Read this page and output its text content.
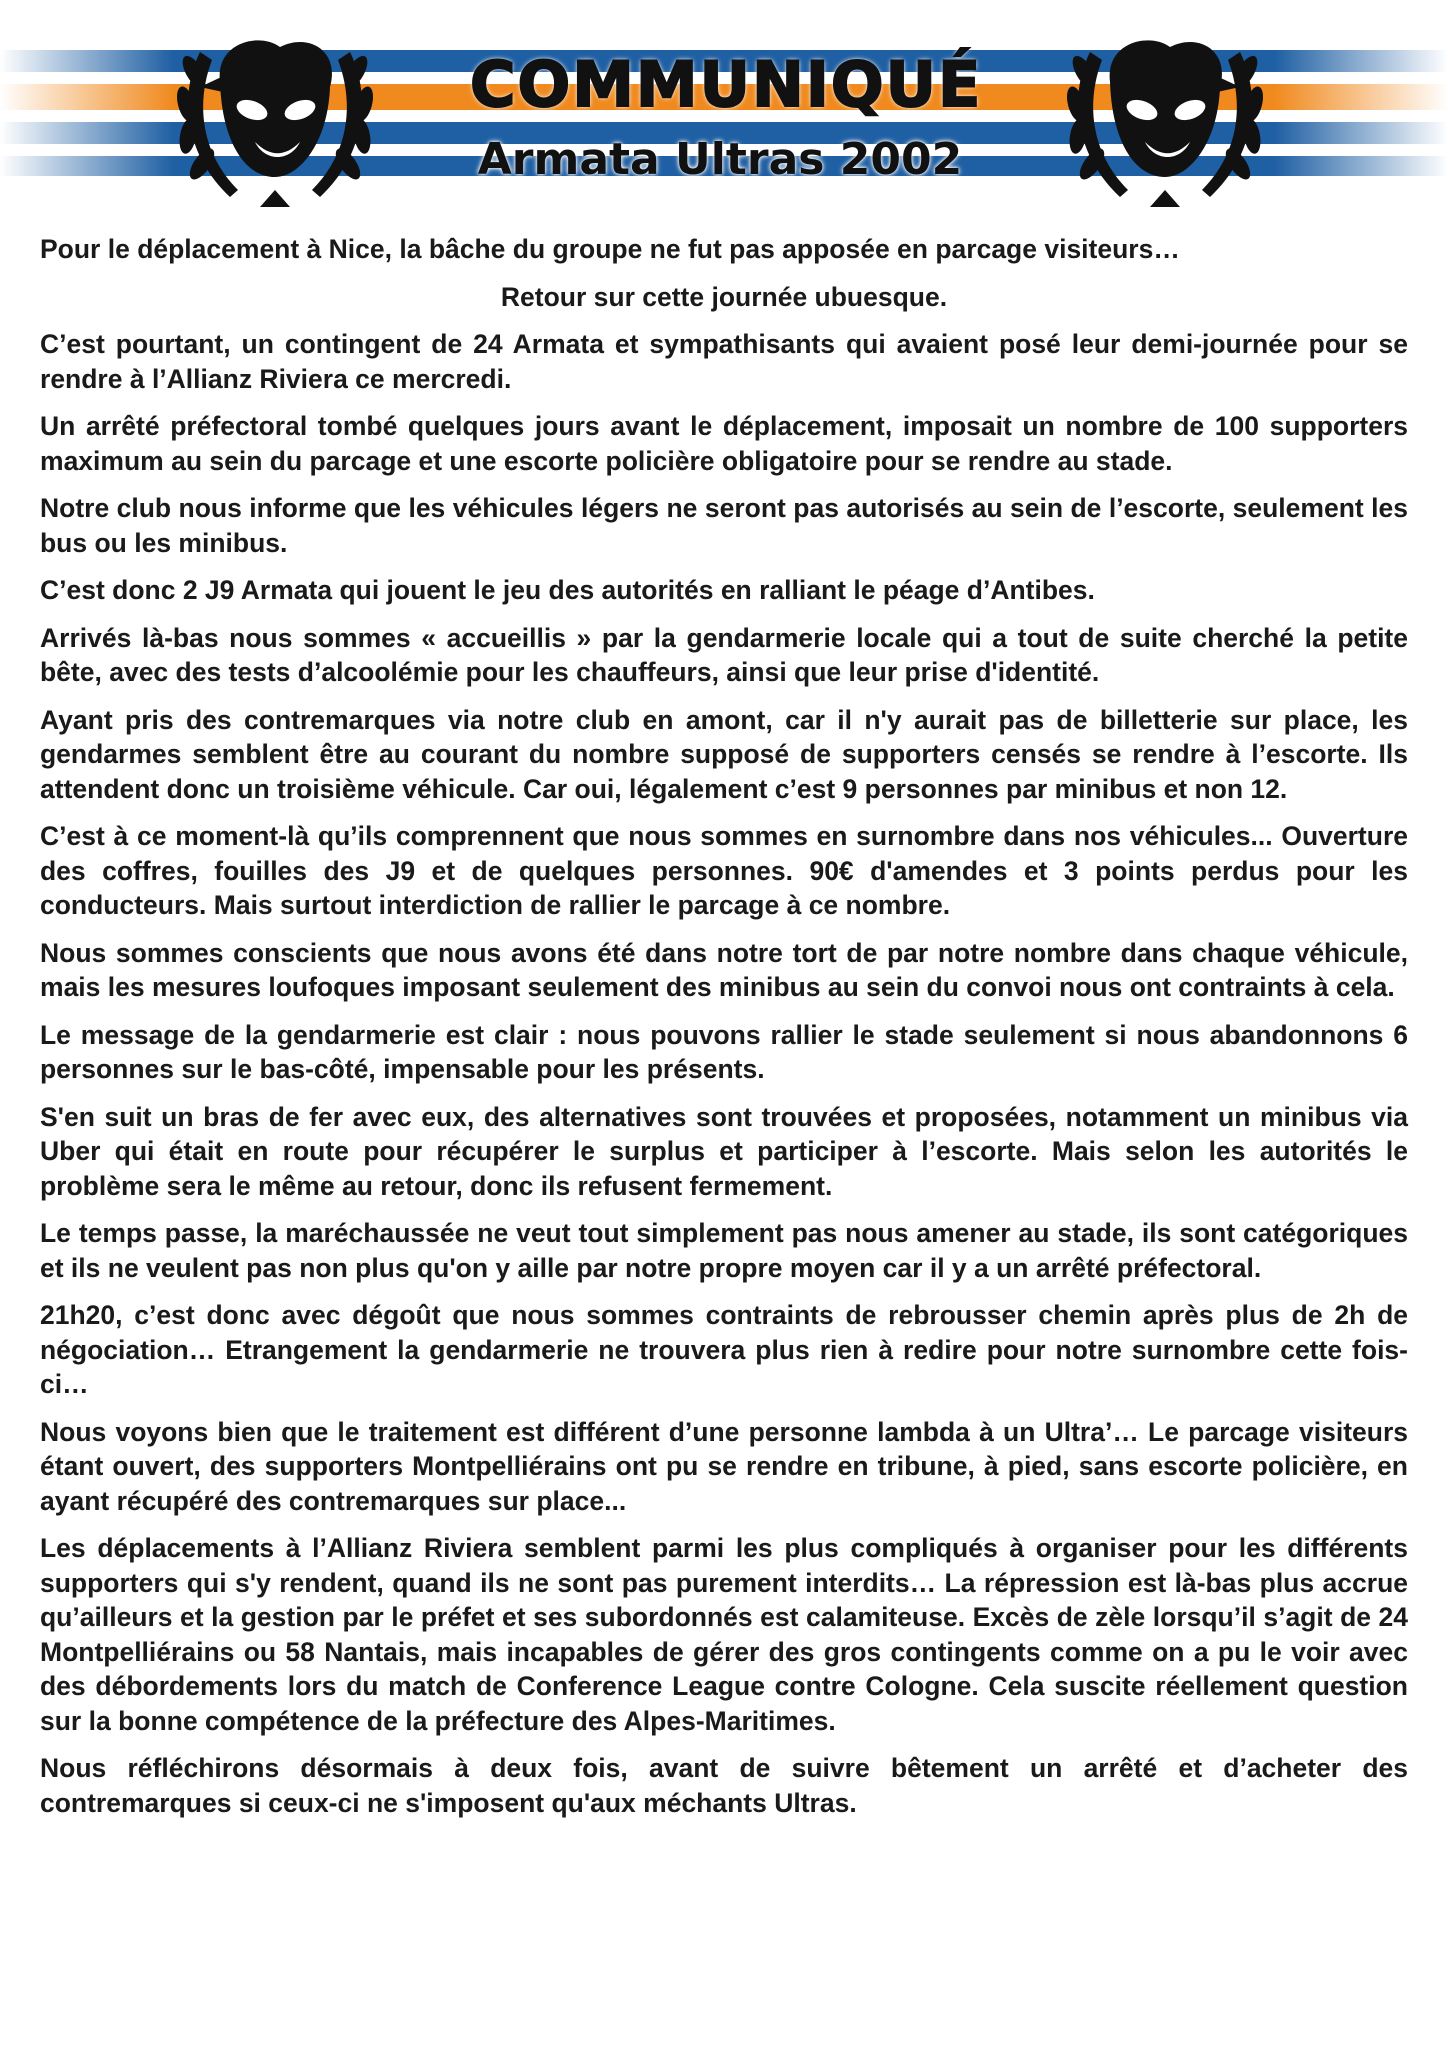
COMMUNIQUÉ
Armata Ultras 2002

Pour le déplacement à Nice, la bâche du groupe ne fut pas apposée en parcage visiteurs…

Retour sur cette journée ubuesque.

C’est pourtant, un contingent de 24 Armata et sympathisants qui avaient posé leur demi-journée pour se rendre à l’Allianz Riviera ce mercredi.

Un arrêté préfectoral tombé quelques jours avant le déplacement, imposait un nombre de 100 supporters maximum au sein du parcage et une escorte policière obligatoire pour se rendre au stade.

Notre club nous informe que les véhicules légers ne seront pas autorisés au sein de l’escorte, seulement les bus ou les minibus.

C’est donc 2 J9 Armata qui jouent le jeu des autorités en ralliant le péage d’Antibes.

Arrivés là-bas nous sommes « accueillis » par la gendarmerie locale qui a tout de suite cherché la petite bête, avec des tests d’alcoolémie pour les chauffeurs, ainsi que leur prise d'identité.

Ayant pris des contremarques via notre club en amont, car il n'y aurait pas de billetterie sur place, les gendarmes semblent être au courant du nombre supposé de supporters censés se rendre à l’escorte. Ils attendent donc un troisième véhicule. Car oui, légalement c’est 9 personnes par minibus et non 12.

C’est à ce moment-là qu’ils comprennent que nous sommes en surnombre dans nos véhicules... Ouverture des coffres, fouilles des J9 et de quelques personnes. 90€ d'amendes et 3 points perdus pour les conducteurs. Mais surtout interdiction de rallier le parcage à ce nombre.

Nous sommes conscients que nous avons été dans notre tort de par notre nombre dans chaque véhicule, mais les mesures loufoques imposant seulement des minibus au sein du convoi nous ont contraints à cela.

Le message de la gendarmerie est clair : nous pouvons rallier le stade seulement si nous abandonnons 6 personnes sur le bas-côté, impensable pour les présents.

S'en suit un bras de fer avec eux, des alternatives sont trouvées et proposées, notamment un minibus via Uber qui était en route pour récupérer le surplus et participer à l’escorte. Mais selon les autorités le problème sera le même au retour, donc ils refusent fermement.

Le temps passe, la maréchaussée ne veut tout simplement pas nous amener au stade, ils sont catégoriques et ils ne veulent pas non plus qu'on y aille par notre propre moyen car il y a un arrêté préfectoral.

21h20, c’est donc avec dégoût que nous sommes contraints de rebrousser chemin après plus de 2h de négociation… Etrangement la gendarmerie ne trouvera plus rien à redire pour notre surnombre cette fois-ci…

Nous voyons bien que le traitement est différent d’une personne lambda à un Ultra’… Le parcage visiteurs étant ouvert, des supporters Montpelliérains ont pu se rendre en tribune, à pied, sans escorte policière, en ayant récupéré des contremarques sur place...

Les déplacements à l’Allianz Riviera semblent parmi les plus compliqués à organiser pour les différents supporters qui s'y rendent, quand ils ne sont pas purement interdits… La répression est là-bas plus accrue qu’ailleurs et la gestion par le préfet et ses subordonnés est calamiteuse. Excès de zèle lorsqu’il s’agit de 24 Montpelliérains ou 58 Nantais, mais incapables de gérer des gros contingents comme on a pu le voir avec des débordements lors du match de Conference League contre Cologne. Cela suscite réellement question sur la bonne compétence de la préfecture des Alpes-Maritimes.

Nous réfléchirons désormais à deux fois, avant de suivre bêtement un arrêté et d’acheter des contremarques si ceux-ci ne s'imposent qu'aux méchants Ultras.
